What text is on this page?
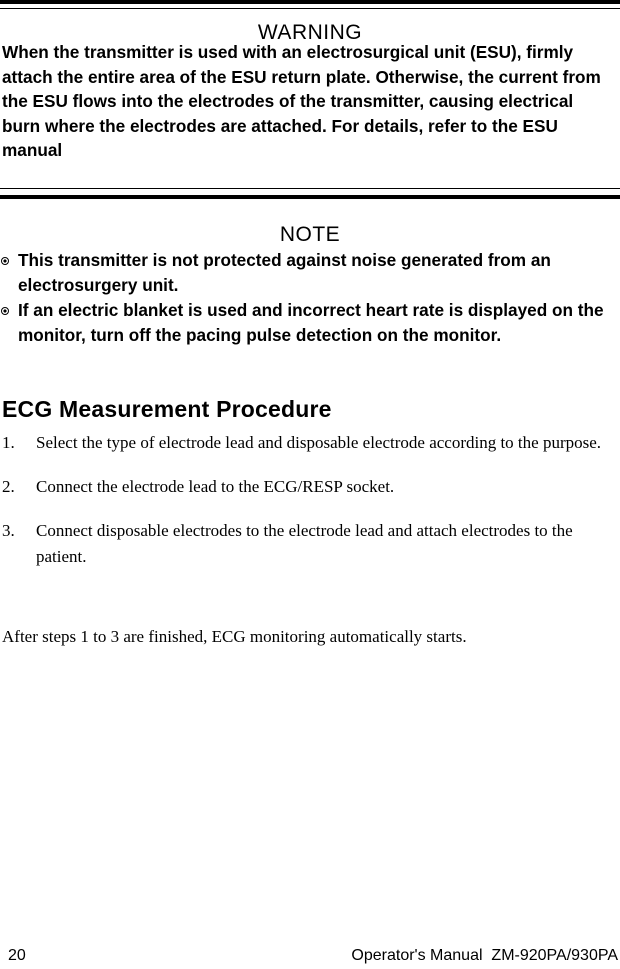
WARNING

When the transmitter is used with an electrosurgical unit (ESU), firmly attach the entire area of the ESU return plate. Otherwise, the current from the ESU flows into the electrodes of the transmitter, causing electrical burn where the electrodes are attached. For details, refer to the ESU manual

NOTE
This transmitter is not protected against noise generated from an electrosurgery unit.
If an electric blanket is used and incorrect heart rate is displayed on the monitor, turn off the pacing pulse detection on the monitor.
ECG Measurement Procedure
1. Select the type of electrode lead and disposable electrode according to the purpose.
2. Connect the electrode lead to the ECG/RESP socket.
3. Connect disposable electrodes to the electrode lead and attach electrodes to the patient.

After steps 1 to 3 are finished, ECG monitoring automatically starts.

20	Operator's Manual  ZM-920PA/930PA
